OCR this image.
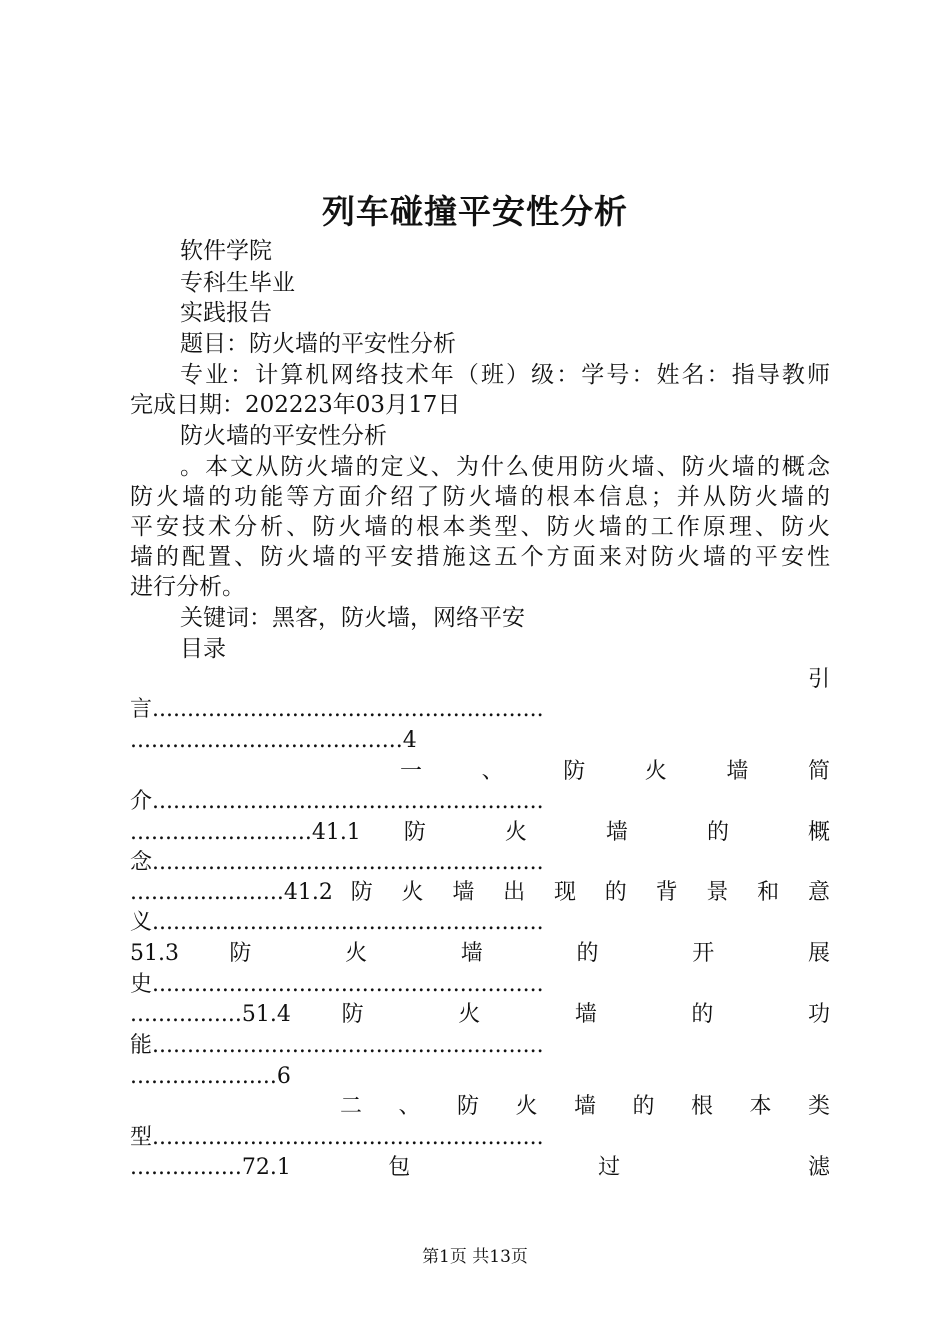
列车碰撞平安性分析
软件学院
专科生毕业
实践报告
题目：防火墙的平安性分析
专业：计算机网络技术年（班）级：学号：姓名：指导教师
完成日期：202223年03月17日
防火墙的平安性分析
。本文从防火墙的定义、为什么使用防火墙、防火墙的概念
防火墙的功能等方面介绍了防火墙的根本信息；并从防火墙的
平安技术分析、防火墙的根本类型、防火墙的工作原理、防火
墙的配置、防火墙的平安措施这五个方面来对防火墙的平安性
进行分析。
关键词：黑客，防火墙，网络平安
目录
引
言........................................................
.......................................4
一 、 防 火 墙 简
介........................................................
..........................41.1 防 火 墙 的 概
念........................................................
......................41.2 防 火 墙 出 现 的 背 景 和 意
义........................................................
51.3 防 火 墙 的 开 展
史........................................................
................51.4 防 火 墙 的 功
能........................................................
.....................6
二 、 防 火 墙 的 根 本 类
型........................................................
................72.1 包 过 滤
第1页 共13页
